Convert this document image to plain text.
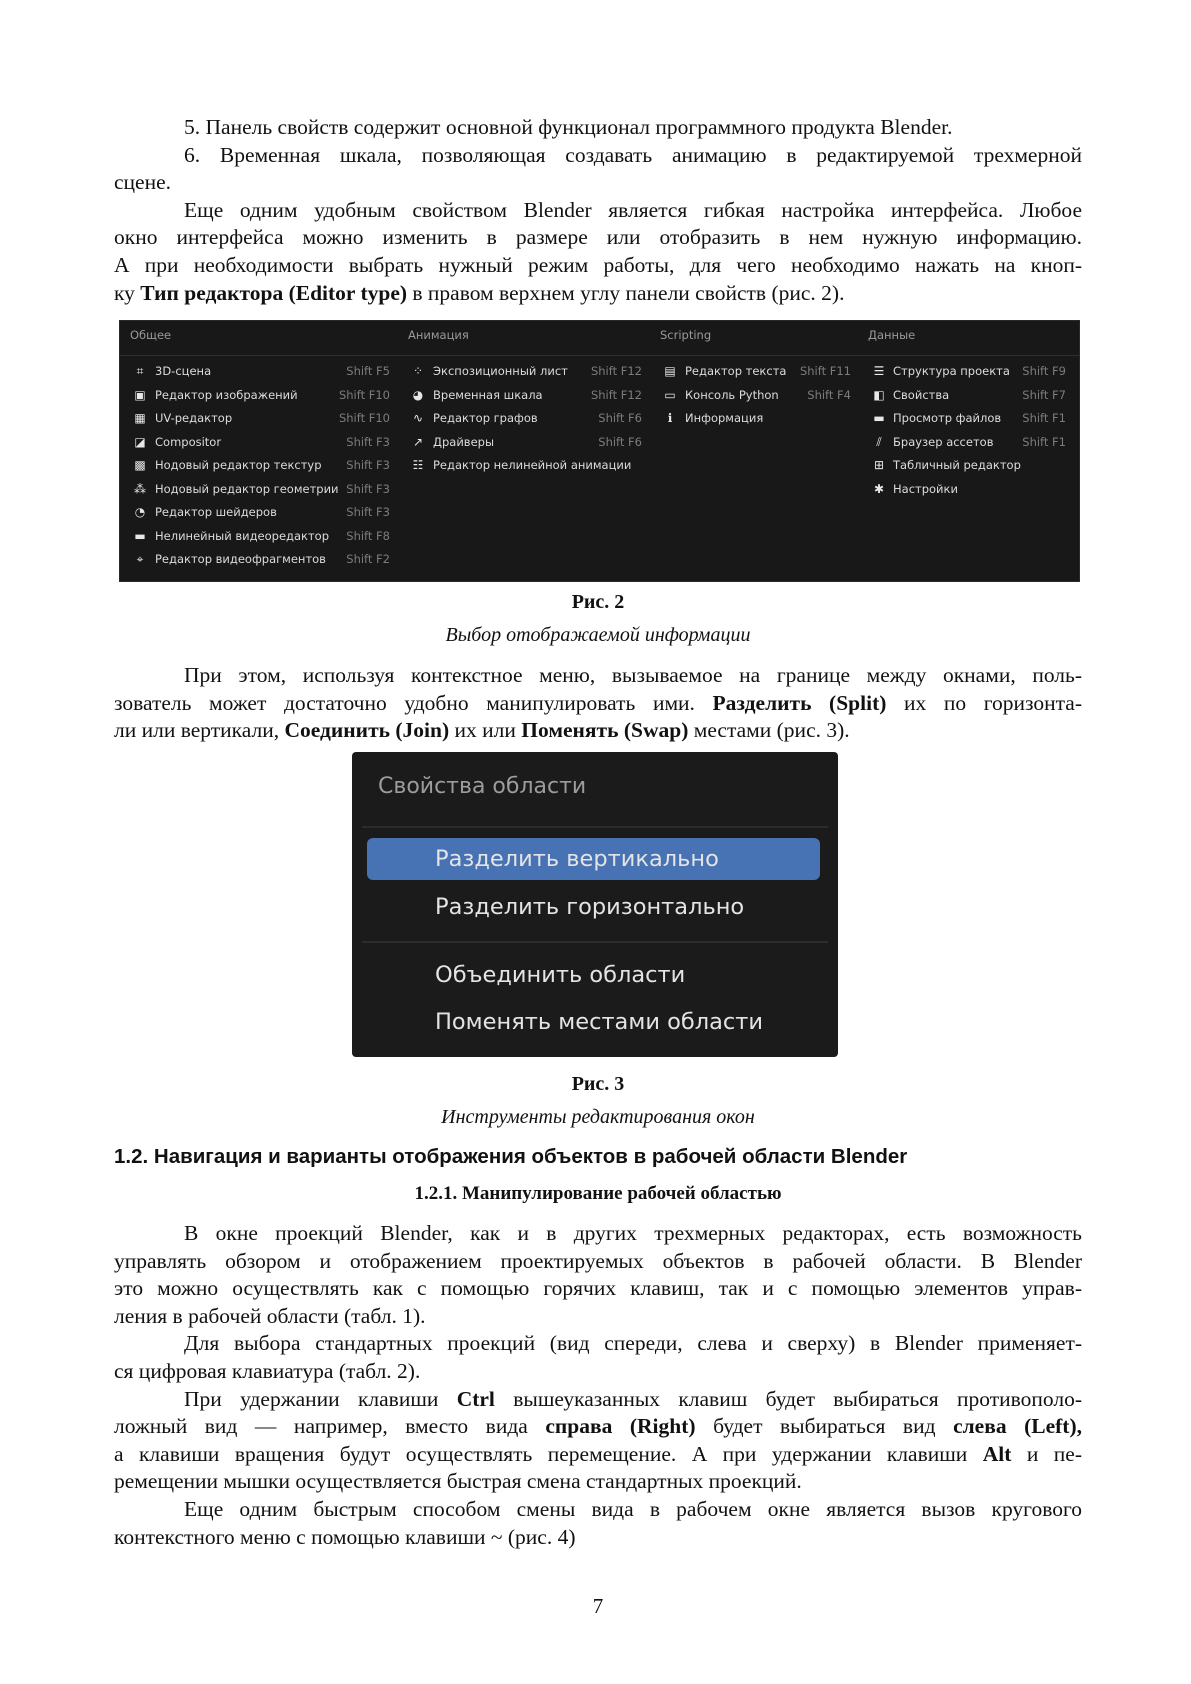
5. Панель свойств содержит основной функционал программного продукта Blender.
6. Временная шкала, позволяющая создавать анимацию в редактируемой трехмерной
сцене.
Еще одним удобным свойством Blender является гибкая настройка интерфейса. Любое
окно интерфейса можно изменить в размере или отобразить в нем нужную информацию.
А при необходимости выбрать нужный режим работы, для чего необходимо нажать на кноп-
ку Тип редактора (Editor type) в правом верхнем углу панели свойств (рис. 2).
Общее
⌗	3D-сцена	Shift F5
▣ Редактор изображений	Shift F10
▦ UV-редактор	Shift F10
◪ Compositor	Shift F3
▩ Нодовый редактор текстур Shift F3
⁂ Нодовый редактор геометрии Shift F3
◔ Редактор шейдеров	Shift F3
▬ Нелинейный видеоредактор Shift F8
⌖	Редактор видеофрагментов Shift F2
Анимация
⁘ Экспозиционный лист Shift F12
◕ Временная шкала	Shift F12
∿ Редактор графов	Shift F6
↗ Драйверы	Shift F6
☷ Редактор нелинейной анимации
Scripting
▤ Редактор текста Shift F11
▭ Консоль Python Shift F4
ℹ	Информация
Данные
☰ Структура проекта Shift F9
◧ Свойства	Shift F7
▬ Просмотр файлов Shift F1
⫽ Браузер ассетов	Shift F1
⊞ Табличный редактор
✱ Настройки
Рис. 2
Выбор отображаемой информации
При этом, используя контекстное меню, вызываемое на границе между окнами, поль-
зователь может достаточно удобно манипулировать ими. Разделить (Split) их по горизонта-
ли или вертикали, Соединить (Join) их или Поменять (Swap) местами (рис. 3).
Свойства области
Разделить вертикально
Разделить горизонтально
Объединить области
Поменять местами области
Рис. 3
Инструменты редактирования окон
1.2. Навигация и варианты отображения объектов в рабочей области Blender
1.2.1. Манипулирование рабочей областью
В окне проекций Blender, как и в других трехмерных редакторах, есть возможность
управлять обзором и отображением проектируемых объектов в рабочей области. В Blender
это можно осуществлять как с помощью горячих клавиш, так и с помощью элементов управ-
ления в рабочей области (табл. 1).
Для выбора стандартных проекций (вид спереди, слева и сверху) в Blender применяет-
ся цифровая клавиатура (табл. 2).
При удержании клавиши Ctrl вышеуказанных клавиш будет выбираться противополо-
ложный вид — например, вместо вида справа (Right) будет выбираться вид слева (Left),
а клавиши вращения будут осуществлять перемещение. А при удержании клавиши Alt и пе-
ремещении мышки осуществляется быстрая смена стандартных проекций.
Еще одним быстрым способом смены вида в рабочем окне является вызов кругового
контекстного меню с помощью клавиши ~ (рис. 4)
7
